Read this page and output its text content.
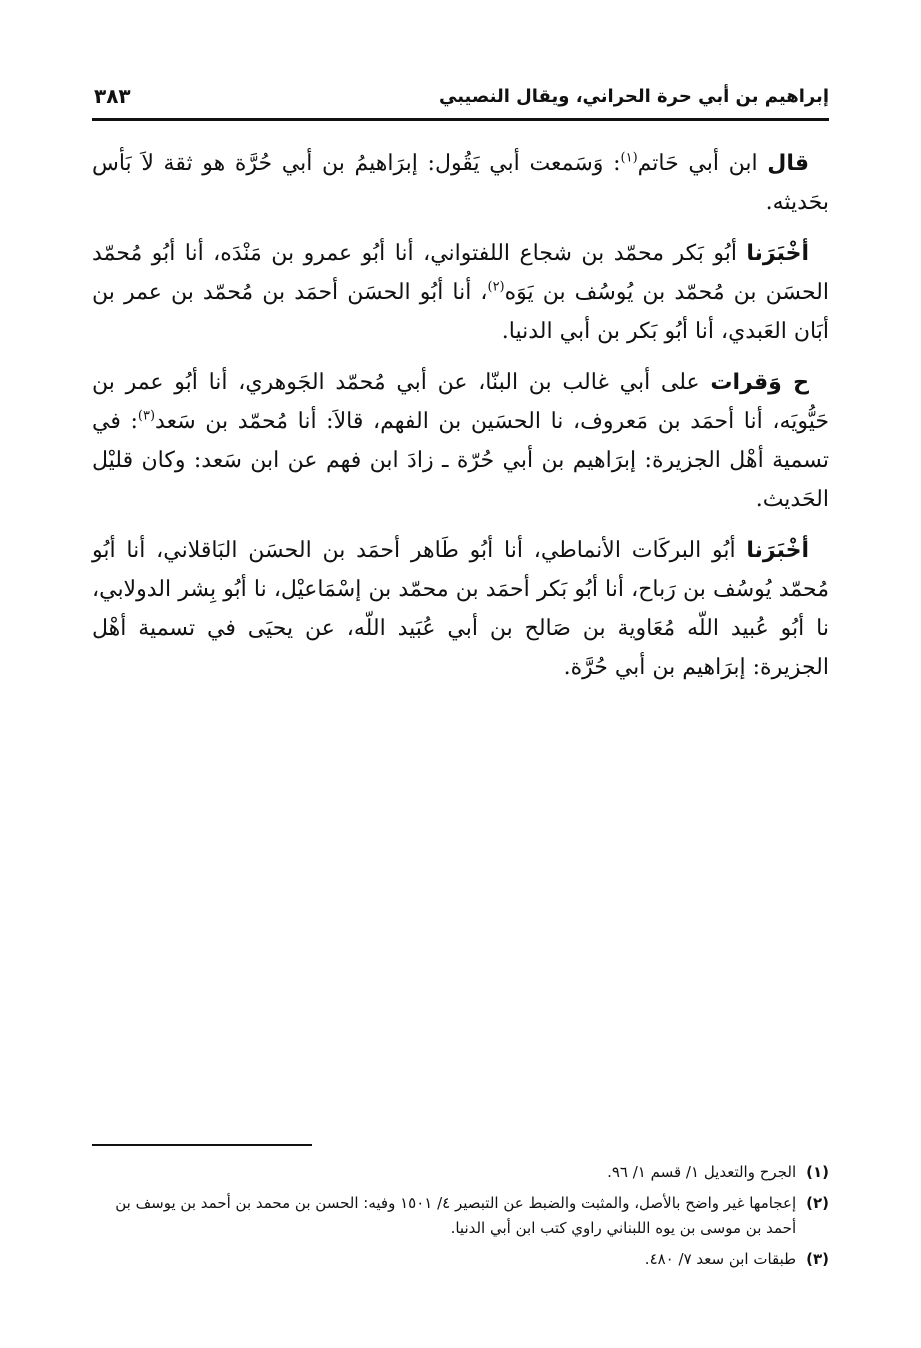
إبراهيم بن أبي حرة الحراني، ويقال النصيبي
٣٨٣

قال ابن أبي حَاتم$^{(١)}$: وَسَمعت أبي يَقُول: إبرَاهيمُ بن أبي حُرَّة هو ثقة لاَ بَأس بحَديثه.

أخْبَرَنا أبُو بَكر محمّد بن شجاع اللفتواني، أنا أبُو عمرو بن مَنْدَه، أنا أبُو مُحمّد الحسَن بن مُحمّد بن يُوسُف بن يَوَه$^{(٢)}$، أنا أبُو الحسَن أحمَد بن مُحمّد بن عمر بن أبَان العَبدي، أنا أبُو بَكر بن أبي الدنيا.

ح وَقرات على أبي غالب بن البنّا، عن أبي مُحمّد الجَوهري، أنا أبُو عمر بن حَيُّويَه، أنا أحمَد بن مَعروف، نا الحسَين بن الفهم، قالاَ: أنا مُحمّد بن سَعد$^{(٣)}$: في تسمية أهْل الجزيرة: إبرَاهيم بن أبي حُرّة ـ زادَ ابن فهم عن ابن سَعد: وكان قليْل الحَديث.

أخْبَرَنا أبُو البركَات الأنماطي، أنا أبُو طَاهر أحمَد بن الحسَن البَاقلاني، أنا أبُو مُحمّد يُوسُف بن رَباح، أنا أبُو بَكر أحمَد بن محمّد بن إسْمَاعيْل، نا أبُو بِشر الدولابي، نا أبُو عُبيد اللّه مُعَاوية بن صَالح بن أبي عُبَيد اللّه، عن يحيَى في تسمية أهْل الجزيرة: إبرَاهيم بن أبي حُرَّة.

(١)
الجرح والتعديل ١/ قسم ١/ ٩٦.
(٢)
إعجامها غير واضح بالأصل، والمثبت والضبط عن التبصير ٤/ ١٥٠١ وفيه: الحسن بن محمد بن أحمد بن يوسف بن أحمد بن موسى بن يوه اللبناني راوي كتب ابن أبي الدنيا.
(٣)
طبقات ابن سعد ٧/ ٤٨٠.
